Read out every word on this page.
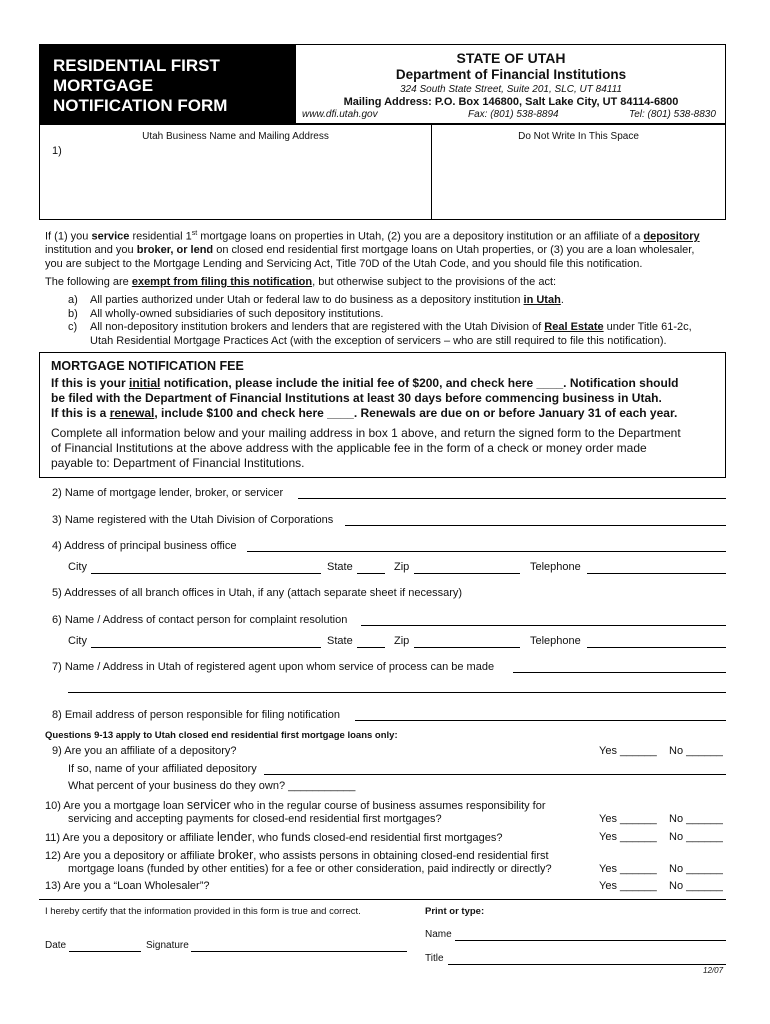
RESIDENTIAL FIRST
MORTGAGE
NOTIFICATION FORM
STATE OF UTAH
Department of Financial Institutions
324 South State Street, Suite 201, SLC, UT 84111
Mailing Address: P.O. Box 146800, Salt Lake City, UT 84114-6800
www.dfi.utah.gov	Fax: (801) 538-8894	Tel: (801) 538-8830
Utah Business Name and Mailing Address
1)
Do Not Write In This Space
If (1) you service residential 1st mortgage loans on properties in Utah, (2) you are a depository institution or an affiliate of a depository
institution and you broker, or lend on closed end residential first mortgage loans on Utah properties, or (3) you are a loan wholesaler,
you are subject to the Mortgage Lending and Servicing Act, Title 70D of the Utah Code, and you should file this notification.
The following are exempt from filing this notification, but otherwise subject to the provisions of the act:
a) All parties authorized under Utah or federal law to do business as a depository institution in Utah.
b) All wholly-owned subsidiaries of such depository institutions.
c) All non-depository institution brokers and lenders that are registered with the Utah Division of Real Estate under Title 61-2c,
Utah Residential Mortgage Practices Act (with the exception of servicers – who are still required to file this notification).
MORTGAGE NOTIFICATION FEE
If this is your initial notification, please include the initial fee of $200, and check here ____. Notification should
be filed with the Department of Financial Institutions at least 30 days before commencing business in Utah.
If this is a renewal, include $100 and check here ____. Renewals are due on or before January 31 of each year.
Complete all information below and your mailing address in box 1 above, and return the signed form to the Department
of Financial Institutions at the above address with the applicable fee in the form of a check or money order made
payable to: Department of Financial Institutions.
2) Name of mortgage lender, broker, or servicer
3) Name registered with the Utah Division of Corporations
4) Address of principal business office
City	State	Zip	Telephone
5) Addresses of all branch offices in Utah, if any (attach separate sheet if necessary)
6) Name / Address of contact person for complaint resolution
City	State	Zip	Telephone
7) Name / Address in Utah of registered agent upon whom service of process can be made
8) Email address of person responsible for filing notification
Questions 9-13 apply to Utah closed end residential first mortgage loans only:
9) Are you an affiliate of a depository?	Yes ______ No ______
If so, name of your affiliated depository
What percent of your business do they own? ___________
10) Are you a mortgage loan servicer who in the regular course of business assumes responsibility for
servicing and accepting payments for closed-end residential first mortgages?	Yes ______ No ______
11) Are you a depository or affiliate lender, who funds closed-end residential first mortgages?	Yes ______ No ______
12) Are you a depository or affiliate broker, who assists persons in obtaining closed-end residential first
mortgage loans (funded by other entities) for a fee or other consideration, paid indirectly or directly?	Yes ______ No ______
13) Are you a “Loan Wholesaler”?	Yes ______ No ______
I hereby certify that the information provided in this form is true and correct.	Print or type:
Name
Date	Signature
Title
12/07
